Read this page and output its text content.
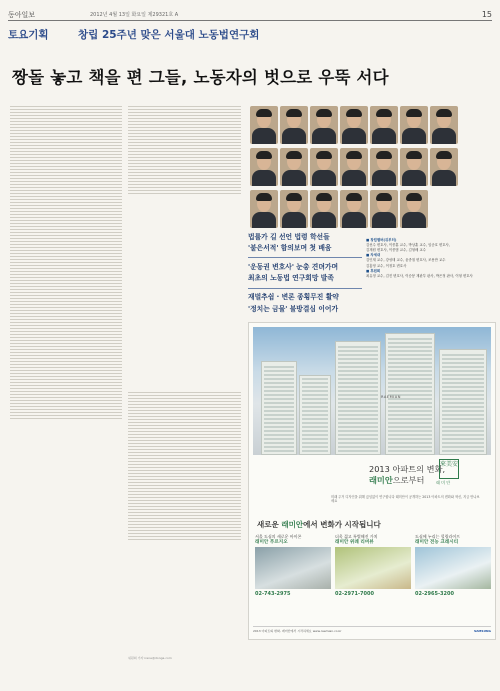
동아일보	2012년 4월 13일 화요일 제29321호 A	15
토요기획	창립 25주년 맞은 서울대 노동법연구회
짱돌 놓고 책을 편 그들, 노동자의 벗으로 우뚝 서다
■ 창립멤버(위부터)
김선수 변호사, 이종훈 교수, 박상훈 교수, 임준호 변호사,
김재원 변호사, 이종범 교수, 김형배 교수
■ 차세대
김인재 교수, 강성태 교수, 윤종철 변호사, 조용만 교수
김홍영 교수, 이정호 변호사
■ 후원회
최유정 교수, 김진 변호사, 이승봉 재판부 판사, 박은정 판사, 이형 변호사
법률가 길 선언 법령 학선들
'붙은서적' 함의보며 첫 배움
'운동권 변호사' 눈총 견뎌가며
최초의 노동법 연구회망 발족
재벌추쉼 · 변론 종횡무진 활약
'정치는 금물' 불방결심 이어가
RAEMIAN
2013 아파트의 변화,
래미안으로부터
來美安
래 미 안
미래 주거 디자인을 위해 끊임없이 연구합니다 래미안이 공개하는 2013 아파트의 변화와 혁신, 지금 만나보세요
새로운 래미안에서 변화가 시작됩니다
서울 도심의 새로운 아이콘
래미안 푸르지오
02-743-2975
더욱 젊고 특별해진 가치
래미안 위례 리버뷰
02-2971-7000
도심에 누리는 힐링라이프
래미안 전농 크레시티
02-2965-3200
2013 아파트의 변화, 래미안에서 시작하세요 www.raemian.co.kr	SAMSUNG
위원회 기자 irene@donga.com
